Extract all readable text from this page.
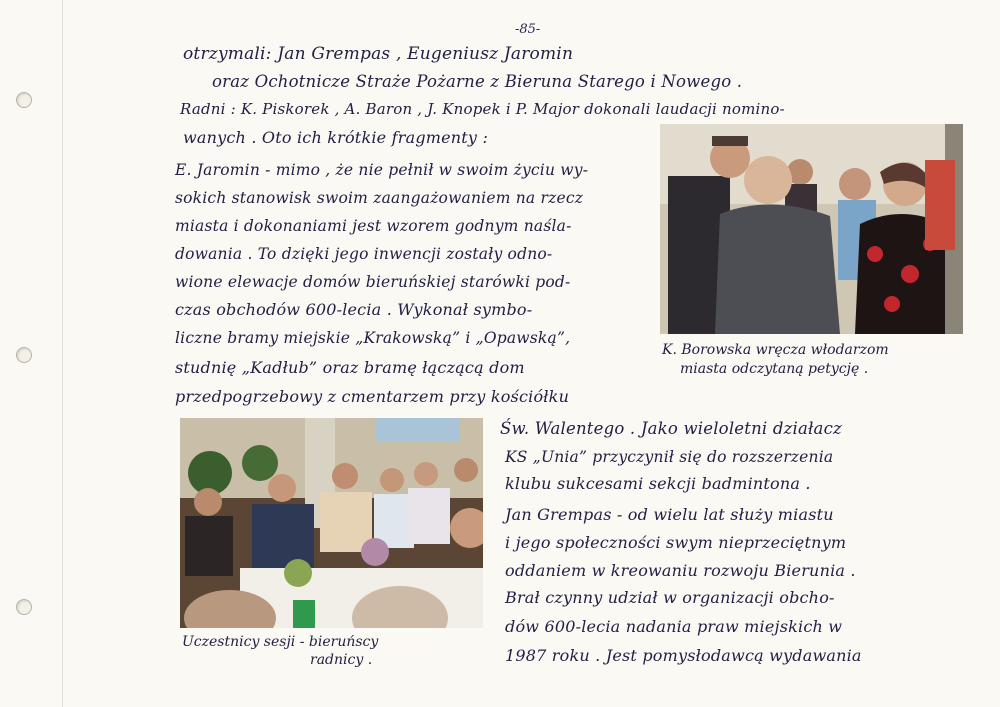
-85-
otrzymali: Jan Grempas , Eugeniusz Jaromin
oraz Ochotnicze Straże Pożarne z Bieruna Starego i Nowego .
Radni : K. Piskorek , A. Baron , J. Knopek i P. Major dokonali laudacji nomino-
wanych . Oto ich krótkie fragmenty :
E. Jaromin - mimo , że nie pełnił w swoim życiu wy-
sokich stanowisk swoim zaangażowaniem na rzecz
miasta i dokonaniami jest wzorem godnym naśla-
dowania . To dzięki jego inwencji zostały odno-
wione elewacje domów bieruńskiej starówki pod-
czas obchodów 600-lecia . Wykonał symbo-
liczne bramy miejskie „Krakowską” i „Opawską”,
studnię „Kadłub” oraz bramę łączącą dom
przedpogrzebowy z cmentarzem przy kościółku
Św. Walentego . Jako wieloletni działacz
KS „Unia” przyczynił się do rozszerzenia
klubu sukcesami sekcji badmintona .
Jan Grempas - od wielu lat służy miastu
i jego społeczności swym nieprzeciętnym
oddaniem w kreowaniu rozwoju Bierunia .
Brał czynny udział w organizacji obcho-
dów 600-lecia nadania praw miejskich w
1987 roku . Jest pomysłodawcą wydawania
K. Borowska wręcza włodarzom
miasta odczytaną petycję .
Uczestnicy sesji - bieruńscy
radnicy .
